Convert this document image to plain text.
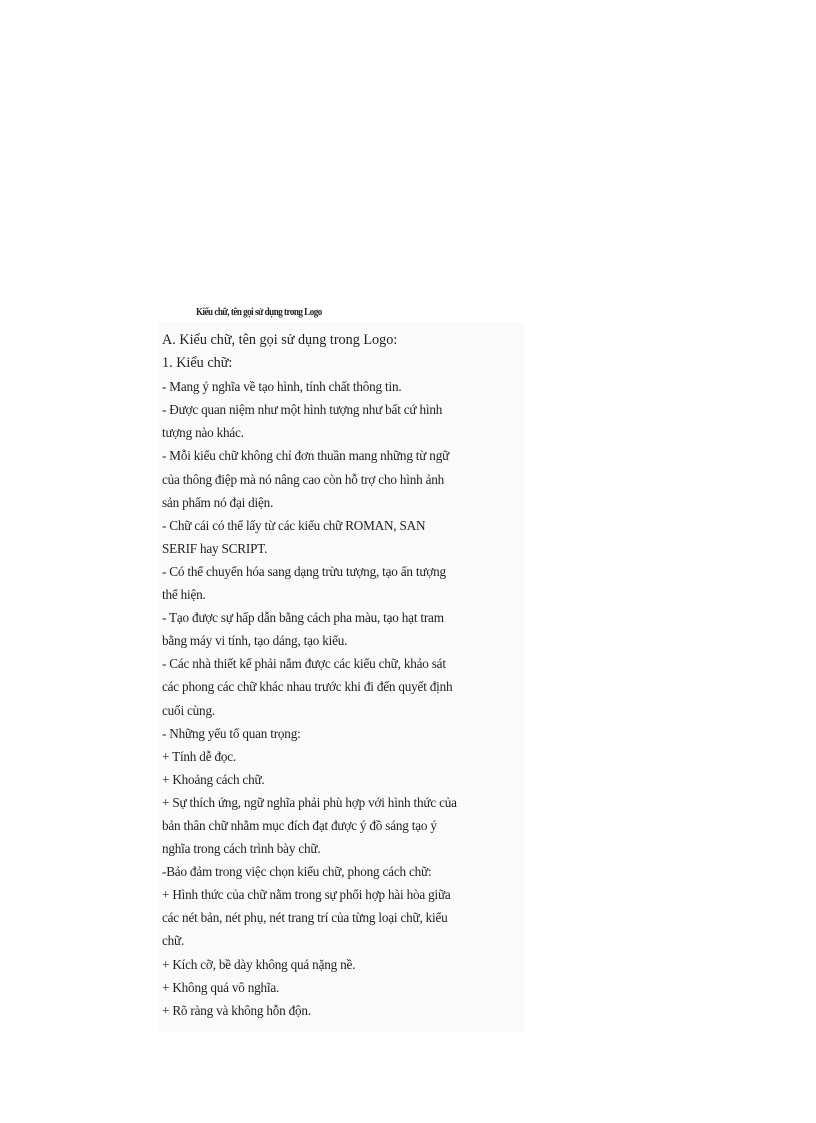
Kiểu chữ, tên gọi sử dụng trong Logo
A. Kiểu chữ, tên gọi sử dụng trong Logo:
1. Kiểu chữ:
- Mang ý nghĩa về tạo hình, tính chất thông tin.
- Được quan niệm như một hình tượng như bất cứ hình
tượng nào khác.
- Mỗi kiểu chữ không chỉ đơn thuần mang những từ ngữ
của thông điệp mà nó nâng cao còn hỗ trợ cho hình ảnh
sản phẩm nó đại diện.
- Chữ cái có thể lấy từ các kiểu chữ ROMAN, SAN
SERIF hay SCRIPT.
- Có thể chuyển hóa sang dạng trừu tượng, tạo ấn tượng
thể hiện.
- Tạo được sự hấp dẫn bằng cách pha màu, tạo hạt tram
bằng máy vi tính, tạo dáng, tạo kiểu.
- Các nhà thiết kế phải nắm được các kiểu chữ, khảo sát
các phong các chữ khác nhau trước khi đi đến quyết định
cuối cùng.
- Những yếu tố quan trọng:
+ Tính dễ đọc.
+ Khoảng cách chữ.
+ Sự thích ứng, ngữ nghĩa phải phù hợp với hình thức của
bản thân chữ nhằm mục đích đạt được ý đồ sáng tạo ý
nghĩa trong cách trình bày chữ.
-Bảo đảm trong việc chọn kiểu chữ, phong cách chữ:
+ Hình thức của chữ nằm trong sự phối hợp hài hòa giữa
các nét bản, nét phụ, nét trang trí của từng loại chữ, kiểu
chữ.
+ Kích cỡ, bề dày không quá nặng nề.
+ Không quá vô nghĩa.
+ Rõ ràng và không hỗn độn.
